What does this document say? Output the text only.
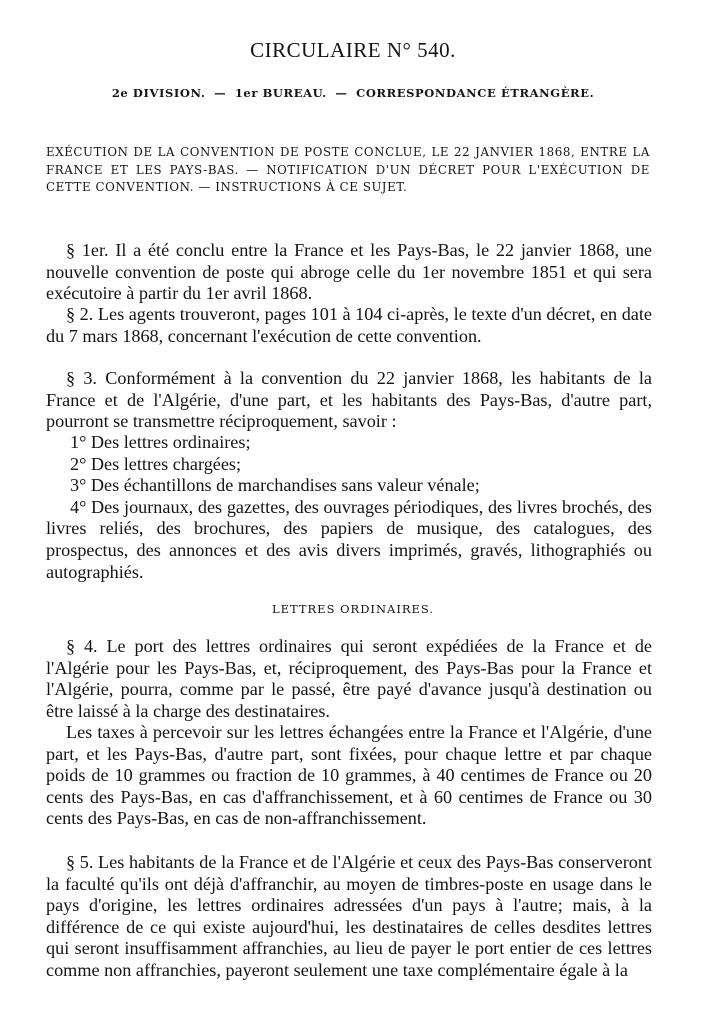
CIRCULAIRE N° 540.
2e DIVISION. — 1er BUREAU. — CORRESPONDANCE ÉTRANGÈRE.
EXÉCUTION DE LA CONVENTION DE POSTE CONCLUE, LE 22 JANVIER 1868, ENTRE LA FRANCE ET LES PAYS-BAS. — NOTIFICATION D'UN DÉCRET POUR L'EXÉCUTION DE CETTE CONVENTION. — INSTRUCTIONS À CE SUJET.

§ 1er. Il a été conclu entre la France et les Pays-Bas, le 22 janvier 1868, une nouvelle convention de poste qui abroge celle du 1er novembre 1851 et qui sera exécutoire à partir du 1er avril 1868.

§ 2. Les agents trouveront, pages 101 à 104 ci-après, le texte d'un décret, en date du 7 mars 1868, concernant l'exécution de cette convention.

§ 3. Conformément à la convention du 22 janvier 1868, les habitants de la France et de l'Algérie, d'une part, et les habitants des Pays-Bas, d'autre part, pourront se transmettre réciproquement, savoir :

1° Des lettres ordinaires;
2° Des lettres chargées;
3° Des échantillons de marchandises sans valeur vénale;
4° Des journaux, des gazettes, des ouvrages périodiques, des livres brochés, des livres reliés, des brochures, des papiers de musique, des catalogues, des prospectus, des annonces et des avis divers imprimés, gravés, lithographiés ou autographiés.
LETTRES ORDINAIRES.

§ 4. Le port des lettres ordinaires qui seront expédiées de la France et de l'Algérie pour les Pays-Bas, et, réciproquement, des Pays-Bas pour la France et l'Algérie, pourra, comme par le passé, être payé d'avance jusqu'à destination ou être laissé à la charge des destinataires.

Les taxes à percevoir sur les lettres échangées entre la France et l'Algérie, d'une part, et les Pays-Bas, d'autre part, sont fixées, pour chaque lettre et par chaque poids de 10 grammes ou fraction de 10 grammes, à 40 centimes de France ou 20 cents des Pays-Bas, en cas d'affranchissement, et à 60 centimes de France ou 30 cents des Pays-Bas, en cas de non-affranchissement.

§ 5. Les habitants de la France et de l'Algérie et ceux des Pays-Bas conserveront la faculté qu'ils ont déjà d'affranchir, au moyen de timbres-poste en usage dans le pays d'origine, les lettres ordinaires adressées d'un pays à l'autre; mais, à la différence de ce qui existe aujourd'hui, les destinataires de celles desdites lettres qui seront insuffisamment affranchies, au lieu de payer le port entier de ces lettres comme non affranchies, payeront seulement une taxe complémentaire égale à la
